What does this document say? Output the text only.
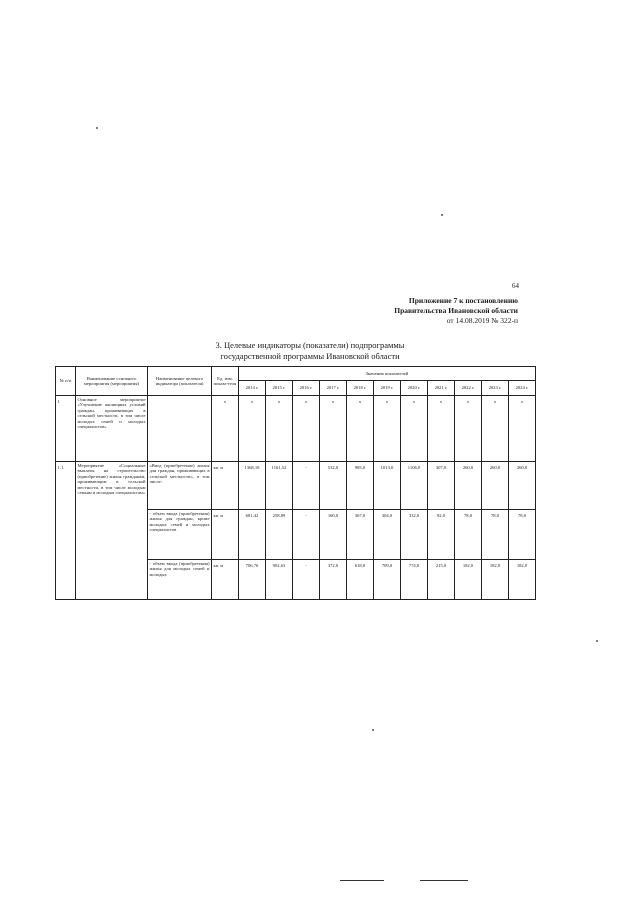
64
Приложение 7 к постановлению
Правительства Ивановской области
от 14.08.2019 № 322-п
3. Целевые индикаторы (показатели) подпрограммы
государственной программы Ивановской области
№ п/п	Наименование основного мероприятия (мероприятия)	Наименование целевого индикатора (показателя)	Ед. изм. показа-теля	Значения показателей										
				2014 г.	2015 г.	2016 г.	2017 г.	2018 г.	2019 г.	2020 г.	2021 г.	2022 г.	2023 г.	2024 г.
1	Основное мероприятие «Улучшение жилищных условий граждан, проживающих в сельской местности, в том числе молодых семей и молодых специалистов»		х	х	х	х	х	х	х	х	х	х	х	х
1.1.	Мероприятие «Социальные выплаты на строительство (приобретение) жилья гражданам, проживающим в сельской местности, в том числе молодым семьям и молодым специалистам»	«Ввод (приобретение) жилья для граждан, проживающих в сельской местности», в том числе:	кв. м	1368,18	1161,52	-	532,0	985,0	1013,0	1106,0	307,0	260,0	260,0	260,0
		- объем ввода (приобретения) жилья для граждан, кроме молодых семей и молодых специалистов	кв. м	681,42	258,89	-	160,0	367,0	304,0	332,0	92,0	78,0	78,0	78,0
		- объем ввода (приобретения) жилья для молодых семей и молодых	кв. м	706,76	902,63	-	372,0	618,0	709,0	774,0	215,0	182,0	182,0	182,0
